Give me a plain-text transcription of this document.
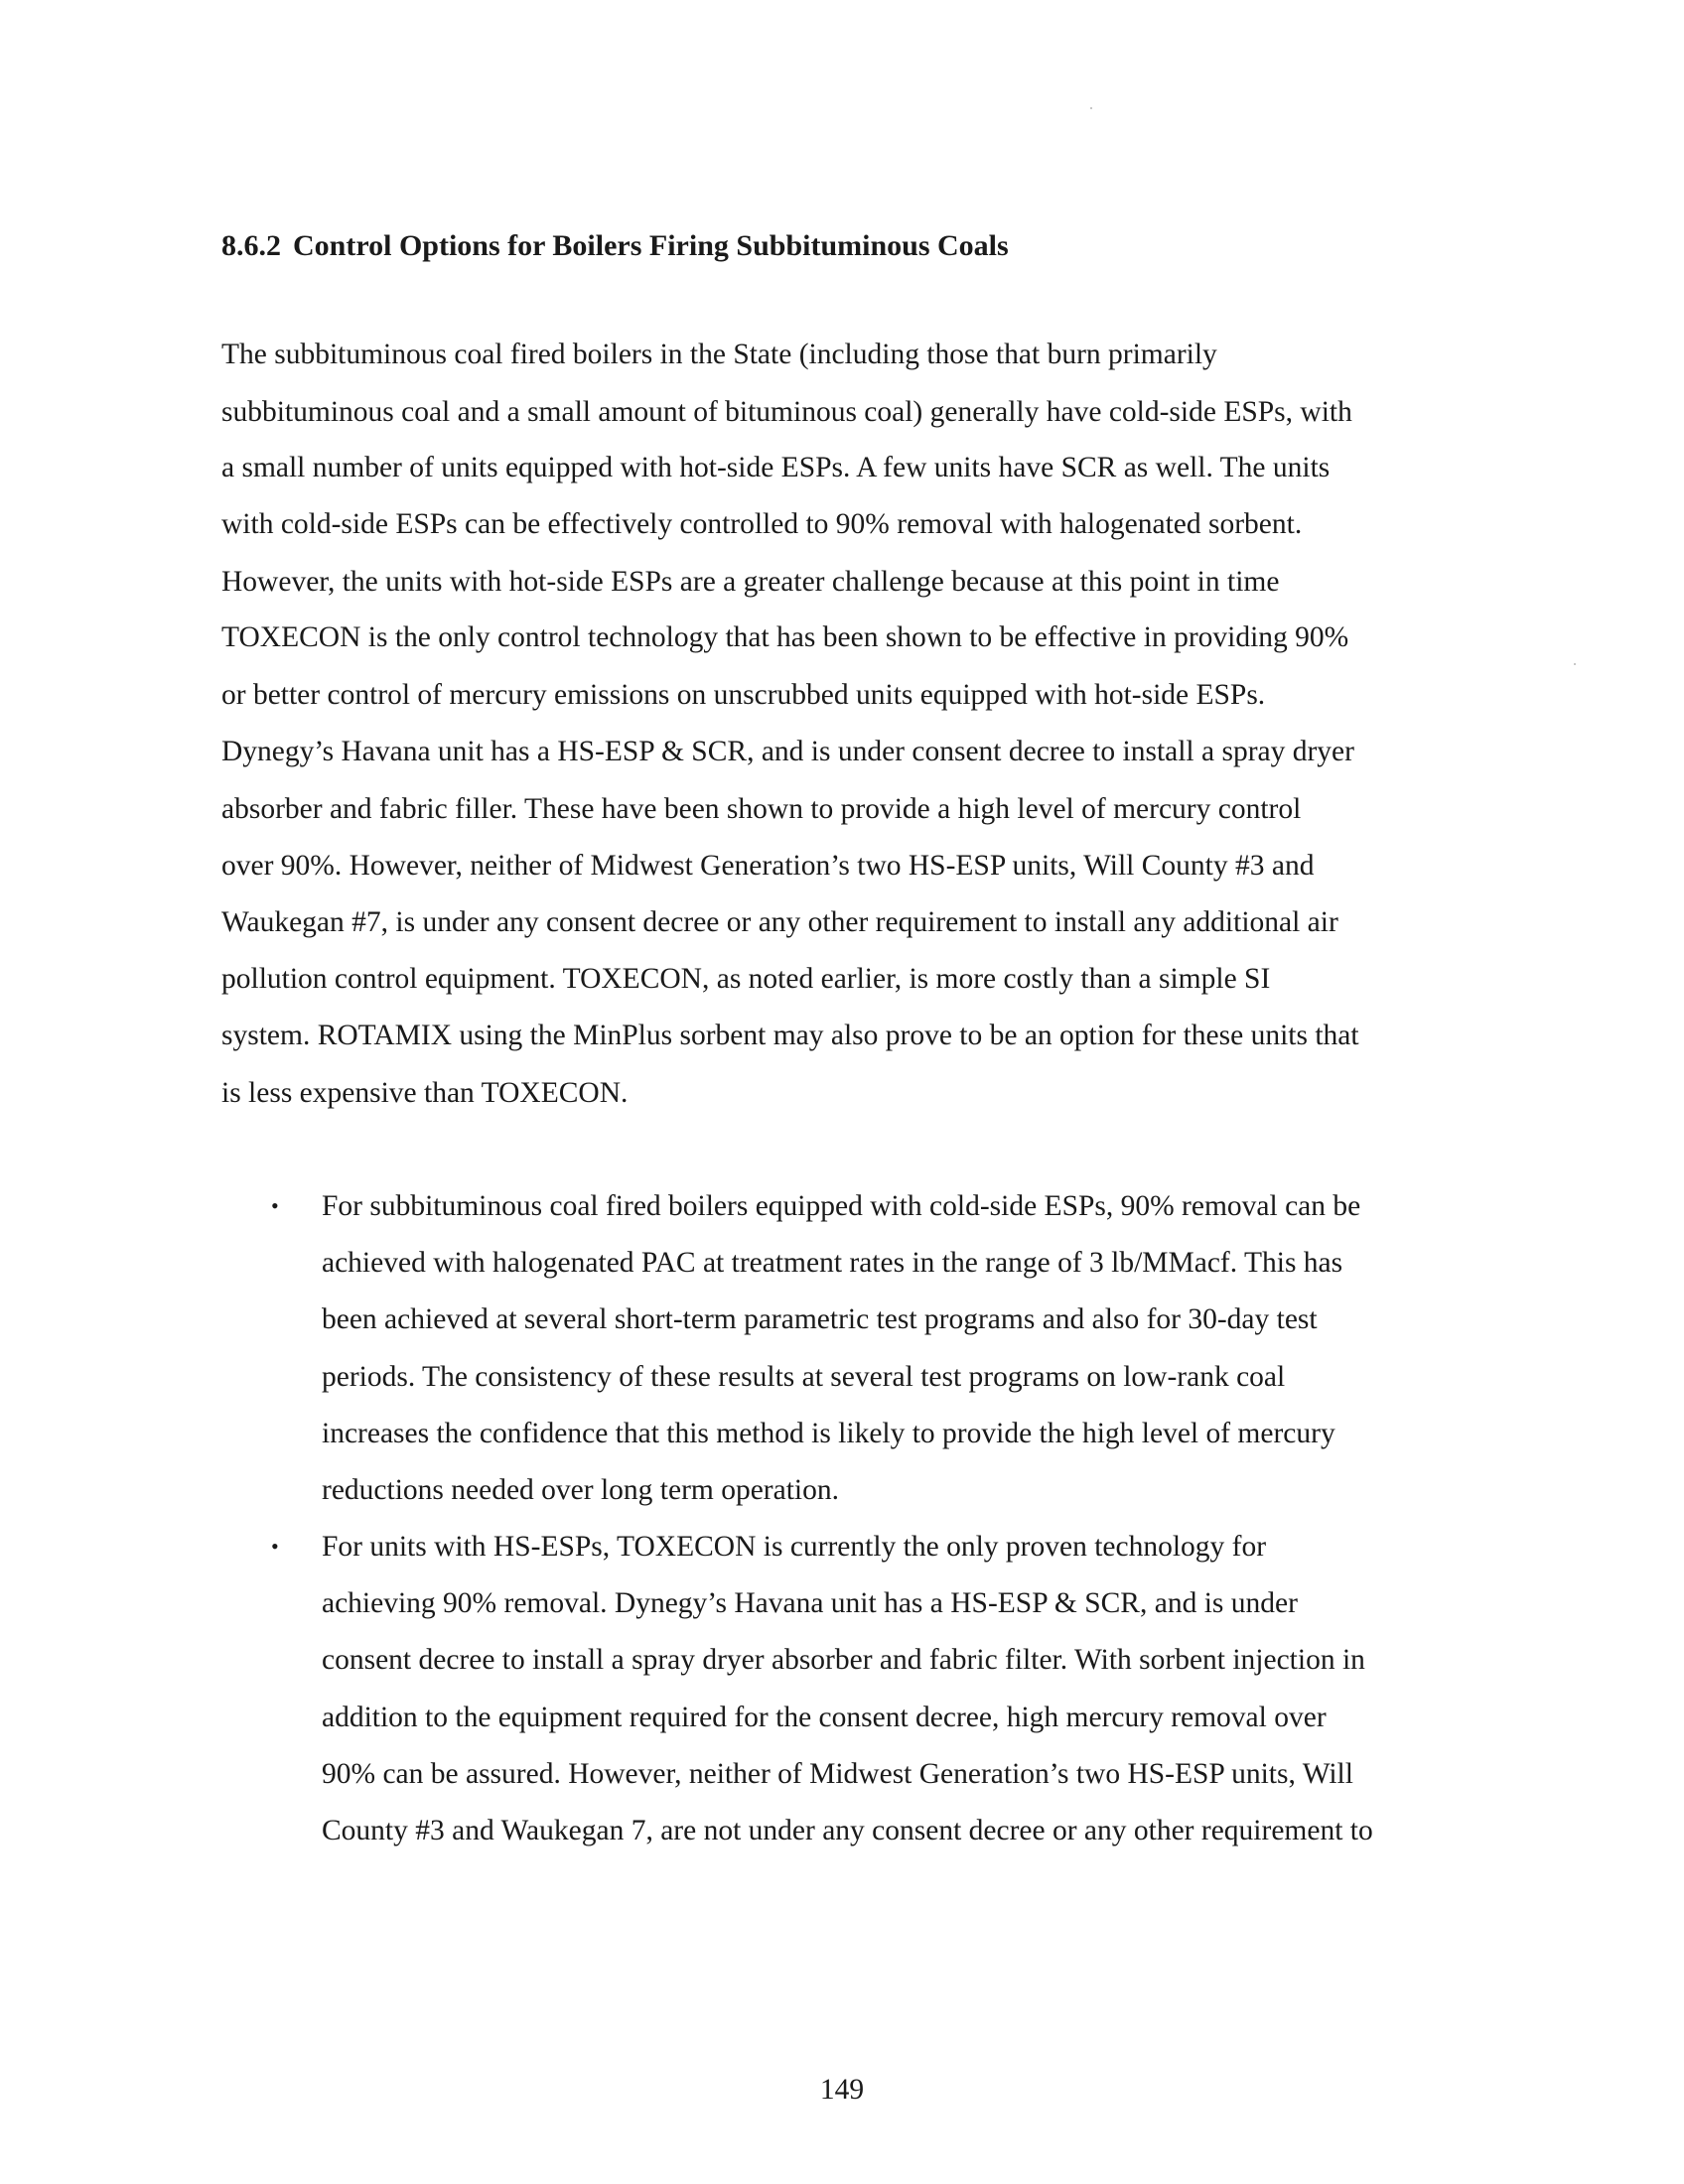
8.6.2 Control Options for Boilers Firing Subbituminous Coals
The subbituminous coal fired boilers in the State (including those that burn primarily
subbituminous coal and a small amount of bituminous coal) generally have cold-side ESPs, with
a small number of units equipped with hot-side ESPs. A few units have SCR as well. The units
with cold-side ESPs can be effectively controlled to 90% removal with halogenated sorbent.
However, the units with hot-side ESPs are a greater challenge because at this point in time
TOXECON is the only control technology that has been shown to be effective in providing 90%
or better control of mercury emissions on unscrubbed units equipped with hot-side ESPs.
Dynegy’s Havana unit has a HS-ESP & SCR, and is under consent decree to install a spray dryer
absorber and fabric filler. These have been shown to provide a high level of mercury control
over 90%. However, neither of Midwest Generation’s two HS-ESP units, Will County #3 and
Waukegan #7, is under any consent decree or any other requirement to install any additional air
pollution control equipment. TOXECON, as noted earlier, is more costly than a simple SI
system. ROTAMIX using the MinPlus sorbent may also prove to be an option for these units that
is less expensive than TOXECON.
• For subbituminous coal fired boilers equipped with cold-side ESPs, 90% removal can be
achieved with halogenated PAC at treatment rates in the range of 3 lb/MMacf. This has
been achieved at several short-term parametric test programs and also for 30-day test
periods. The consistency of these results at several test programs on low-rank coal
increases the confidence that this method is likely to provide the high level of mercury
reductions needed over long term operation.
• For units with HS-ESPs, TOXECON is currently the only proven technology for
achieving 90% removal. Dynegy’s Havana unit has a HS-ESP & SCR, and is under
consent decree to install a spray dryer absorber and fabric filter. With sorbent injection in
addition to the equipment required for the consent decree, high mercury removal over
90% can be assured. However, neither of Midwest Generation’s two HS-ESP units, Will
County #3 and Waukegan 7, are not under any consent decree or any other requirement to
149
